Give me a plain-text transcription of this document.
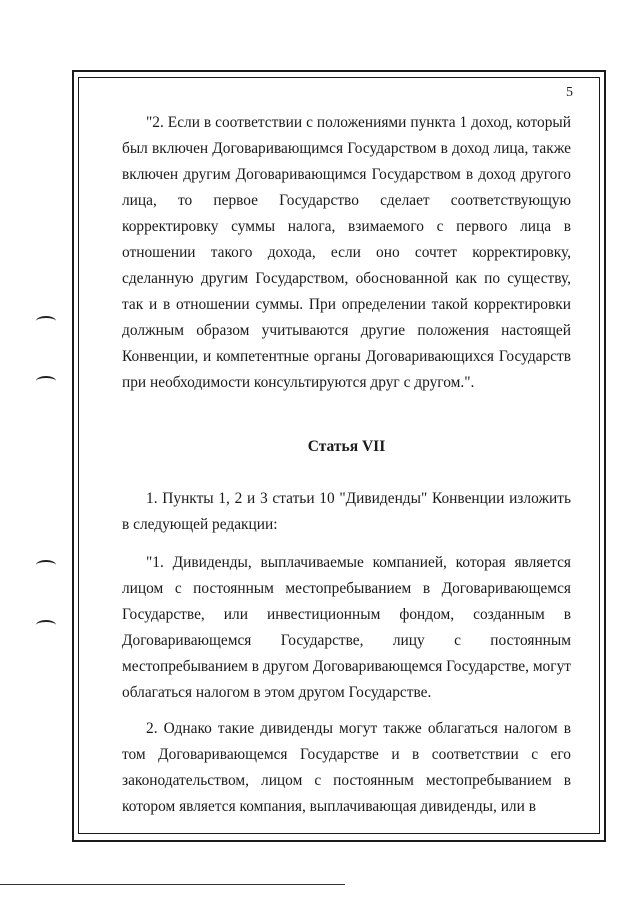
5

"2. Если в соответствии с положениями пункта 1 доход, который был включен Договаривающимся Государством в доход лица, также включен другим Договаривающимся Государством в доход другого лица, то первое Государство сделает соответствующую корректировку суммы налога, взимаемого с первого лица в отношении такого дохода, если оно сочтет корректировку, сделанную другим Государством, обоснованной как по существу, так и в отношении суммы. При определении такой корректировки должным образом учитываются другие положения настоящей Конвенции, и компетентные органы Договаривающихся Государств при необходимости консультируются друг с другом.".

Статья VII

1. Пункты 1, 2 и 3 статьи 10 "Дивиденды" Конвенции изложить в следующей редакции:

"1. Дивиденды, выплачиваемые компанией, которая является лицом с постоянным местопребыванием в Договаривающемся Государстве, или инвестиционным фондом, созданным в Договаривающемся Государстве, лицу с постоянным местопребыванием в другом Договаривающемся Государстве, могут облагаться налогом в этом другом Государстве.

2. Однако такие дивиденды могут также облагаться налогом в том Договаривающемся Государстве и в соответствии с его законодательством, лицом с постоянным местопребыванием в котором является компания, выплачивающая дивиденды, или в
